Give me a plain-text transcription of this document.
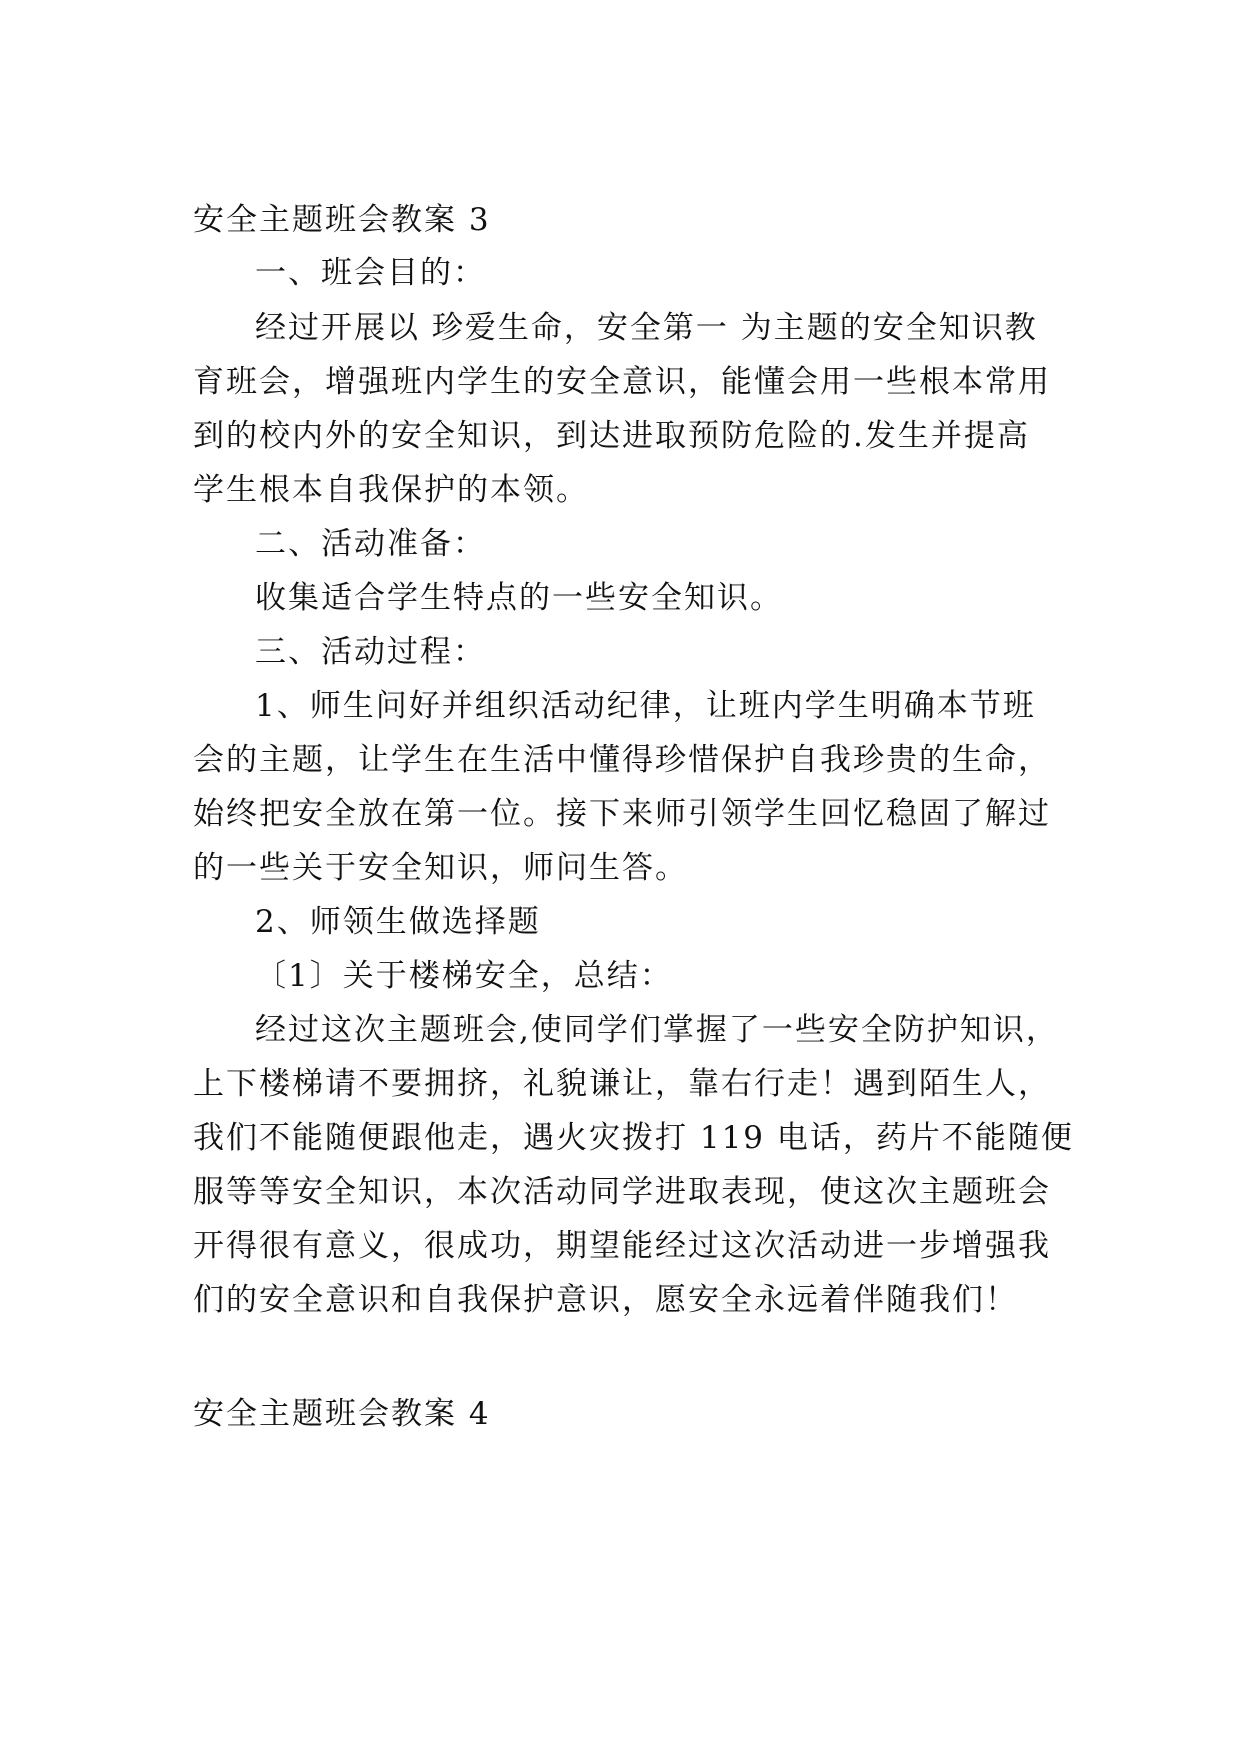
安全主题班会教案 3

一、班会目的：

经过开展以 珍爱生命，安全第一 为主题的安全知识教

育班会，增强班内学生的安全意识，能懂会用一些根本常用

到的校内外的安全知识，到达进取预防危险的.发生并提高

学生根本自我保护的本领。

二、活动准备：

收集适合学生特点的一些安全知识。

三、活动过程：

1、师生问好并组织活动纪律，让班内学生明确本节班

会的主题，让学生在生活中懂得珍惜保护自我珍贵的生命，

始终把安全放在第一位。接下来师引领学生回忆稳固了解过

的一些关于安全知识，师问生答。

2、师领生做选择题

〔1〕关于楼梯安全，总结：

经过这次主题班会,使同学们掌握了一些安全防护知识，

上下楼梯请不要拥挤，礼貌谦让，靠右行走！遇到陌生人，

我们不能随便跟他走，遇火灾拨打 119 电话，药片不能随便

服等等安全知识，本次活动同学进取表现，使这次主题班会

开得很有意义，很成功，期望能经过这次活动进一步增强我

们的安全意识和自我保护意识，愿安全永远着伴随我们！

安全主题班会教案 4
